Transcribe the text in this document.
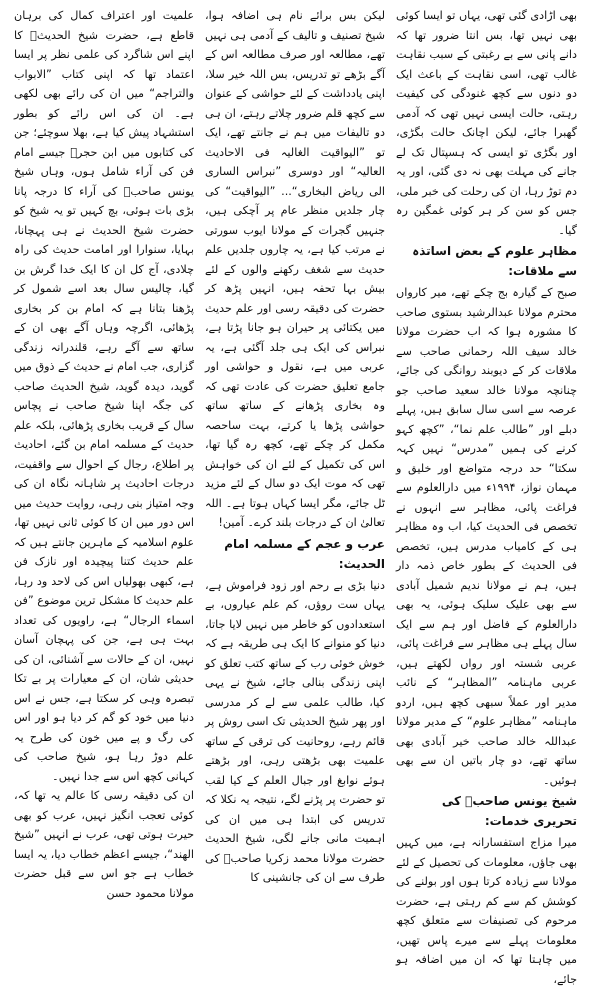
بھی اڑادی گئی تھی، یہاں تو ایسا کوئی بھی نہیں تھا، بس انتا ضرور تھا کہ دانے پانی سے بے رغبتی کے سبب نقاہت غالب تھی، اسی نقاہت کے باعث ایک دو دنوں سے کچھ غنودگی کی کیفیت رہتی، حالت ایسی نہیں تھی کہ آدمی گھبرا جائے، لیکن اچانک حالت بگڑی، اور بگڑی تو ایسی کہ ہسپتال تک لے جانے کی مہلت بھی نہ دی گئی، اور یہ دم توڑ رہا، ان کی رحلت کی خبر ملی، جس کو سن کر ہر کوئی غمگین رہ گیا۔

مظاہر علوم کے بعض اساتذہ سے ملاقات:

صبح کے گیارہ بج چکے تھے، میر کارواں محترم مولانا عبدالرشید بستوی صاحب کا مشورہ ہوا کہ اب حضرت مولانا خالد سیف اللہ رحمانی صاحب سے ملاقات کر کے دیوبند روانگی کی جائے، چنانچہ مولانا خالد سعید صاحب جو عرصہ سے اسی سال سابق ہیں، پہلے دبلے اور ”طالب علم نما“، ”کچھ کہو کرنے کی ہمیں ”مدرس“ نہیں کہہ سکتا“ حد درجہ متواضع اور خلیق و مہمان نواز، ۱۹۹۴ء میں دارالعلوم سے فراغت پائی، مظاہر سے انہوں نے تخصص فی الحدیث کیا، اب وہ مظاہر ہی کے کامیاب مدرس ہیں، تخصص فی الحدیث کے بطور خاص ذمہ دار ہیں، ہم نے مولانا ندیم شمیل آبادی سے بھی علیک سلیک ہوئی، یہ بھی دارالعلوم کے فاضل اور ہم سے ایک سال پہلے ہی مظاہر سے فراغت پائی، عربی شستہ اور رواں لکھتے ہیں، عربی ماہنامہ ”المظاہر“ کے نائب مدیر اور عملاً سبھی کچھ ہیں، اردو ماہنامہ ”مظاہر علوم“ کے مدیر مولانا عبداللہ خالد صاحب خیر آبادی بھی ساتھ تھے، دو چار باتیں ان سے بھی ہوئیں۔

شیخ یونس صاحبؒ کی تحریری خدمات:

میرا مزاج استفسارانہ ہے، میں کہیں بھی جاؤں، معلومات کی تحصیل کے لئے مولانا سے زیادہ کرتا ہوں اور بولنے کی کوشش کم سے کم رہتی ہے، حضرت مرحوم کی تصنیفات سے متعلق کچھ معلومات پہلے سے میرے پاس تھیں، میں چاہتا تھا کہ ان میں اضافہ ہو جائے،

لیکن بس برائے نام ہی اضافہ ہوا، شیخ تصنیف و تالیف کے آدمی ہی نہیں تھے، مطالعہ اور صرف مطالعہ اس کے آگے بڑھے تو تدریس، بس اللہ خیر سلا، اپنی یادداشت کے لئے حواشی کے عنوان سے کچھ قلم ضرور چلاتے رہتے، ان ہی دو تالیفات میں ہم نے جانتے تھے، ایک تو ”الیواقیت الغالیہ فی الاحادیث العالیہ“ اور دوسری ”نبراس الساری الی ریاض البخاری“... ”الیواقیت“ کی چار جلدیں منظر عام پر آچکی ہیں، جنہیں گجرات کے مولانا ایوب سورتی نے مرتب کیا ہے، یہ چاروں جلدیں علم حدیث سے شغف رکھنے والوں کے لئے بیش بہا تحفہ ہیں، انہیں پڑھ کر حضرت کی دقیقہ رسی اور علم حدیث میں یکتائی پر حیران ہو جانا پڑتا ہے، نبراس کی ایک ہی جلد آگئی ہے، یہ عربی میں ہے، نقول و حواشی اور جامع تعلیق حضرت کی عادت تھی کہ وہ بخاری پڑھانے کے ساتھ ساتھ حواشی پڑھا یا کرتے، بہت ساحصہ مکمل کر چکے تھے، کچھ رہ گیا تھا، اس کی تکمیل کے لئے ان کی خواہش تھی کہ موت ایک دو سال کے لئے مزید ٹل جائے، مگر ایسا کہاں ہوتا ہے۔ اللہ تعالیٰ ان کے درجات بلند کرے۔ آمین!

عرب و عجم کے مسلمہ امام الحدیث:

دنیا بڑی بے رحم اور زود فراموش ہے، یہاں ست روؤں، کم علم عیاروں، بے استعدادوں کو خاطر میں نہیں لایا جاتا، دنیا کو منوانے کا ایک ہی طریقہ ہے کہ خوش خوئی رب کے ساتھ کتب تعلق کو اپنی زندگی بنالی جائے، شیخ نے یہی کیا، طالب علمی سے لے کر مدرسی اور پھر شیخ الحدیثی تک اسی روش پر قائم رہے، روحانیت کی ترقی کے ساتھ علمیت بھی بڑھتی رہی، اور بڑھتے ہوئے نوابغ اور جبال العلم کے کیا لقب تو حضرت پر پڑنے لگے، نتیجہ یہ نکلا کہ تدریس کی ابتدا ہی میں ان کی اہمیت مانی جانے لگی، شیخ الحدیث حضرت مولانا محمد زکریا صاحبؒ کی طرف سے ان کی جانشینی کا

علمیت اور اعتراف کمال کی برہان قاطع ہے، حضرت شیخ الحدیثؒ کا اپنے اس شاگرد کی علمی نظر پر ایسا اعتماد تھا کہ اپنی کتاب ”الابواب والتراجم“ میں ان کی رائے بھی لکھی ہے۔ ان کی اس رائے کو بطور استشہاد پیش کیا ہے، بھلا سوچئے؛ جن کی کتابوں میں ابن حجرؒ جیسے امام فن کی آراء شامل ہوں، وہاں شیخ یونس صاحبؒ کی آراء کا درجہ پانا بڑی بات ہوئی، بچ کہیں تو یہ شیخ کو حضرت شیخ الحدیث نے ہی پہچانا، بہایا، سنوارا اور امامت حدیث کی راہ چلادی، آج کل ان کا ایک خدا گرش بن گیا، چالیس سال بعد اسے شمول کر پڑھنا بتانا ہے کہ امام بن کر بخاری پڑھائی، اگرچہ وہاں آگے بھی ان کے ساتھ سے آگے رہے، قلندرانہ زندگی گزاری، جب امام نے حدیث کے ذوق میں گوید، دیدہ گوید، شیخ الحدیث صاحب کی جگہ اپنا شیخ صاحب نے پچاس سال کے قریب بخاری پڑھائی، بلکہ علم حدیث کے مسلمہ امام بن گئے، احادیث پر اطلاع، رجال کے احوال سے واقفیت، درجات احادیث پر شاہانہ نگاہ ان کی وجہ امتیاز بنی رہی، روایت حدیث میں اس دور میں ان کا کوئی ثانی نہیں تھا، علوم اسلامیہ کے ماہرین جانتے ہیں کہ علم حدیث کتنا پیچیدہ اور نازک فن ہے، کبھی بھولیاں اس کی لاحد ود رہا، علم حدیث کا مشکل ترین موضوع ”فن اسماء الرجال“ ہے، راویوں کی تعداد بہت ہی ہے، جن کی پہچان آسان نہیں، ان کے حالات سے آشنائی، ان کی حدیثی شان، ان کے معیارات پر بے تکا تبصرہ وہی کر سکتا ہے، جس نے اس دنیا میں خود کو گم کر دیا ہو اور اس کی رگ و پے میں خون کی طرح یہ علم دوڑ رہا ہو، شیخ صاحب کی کہانی کچھ اس سے جدا نہیں۔

ان کی دقیقہ رسی کا عالم یہ تھا کہ، کوئی تعجب انگیز نہیں، عرب کو بھی حیرت ہوتی تھی، عرب نے انہیں ”شیخ الهند“، جیسے اعظم خطاب دیا، یہ ایسا خطاب ہے جو اس سے قبل حضرت مولانا محمود حسن
